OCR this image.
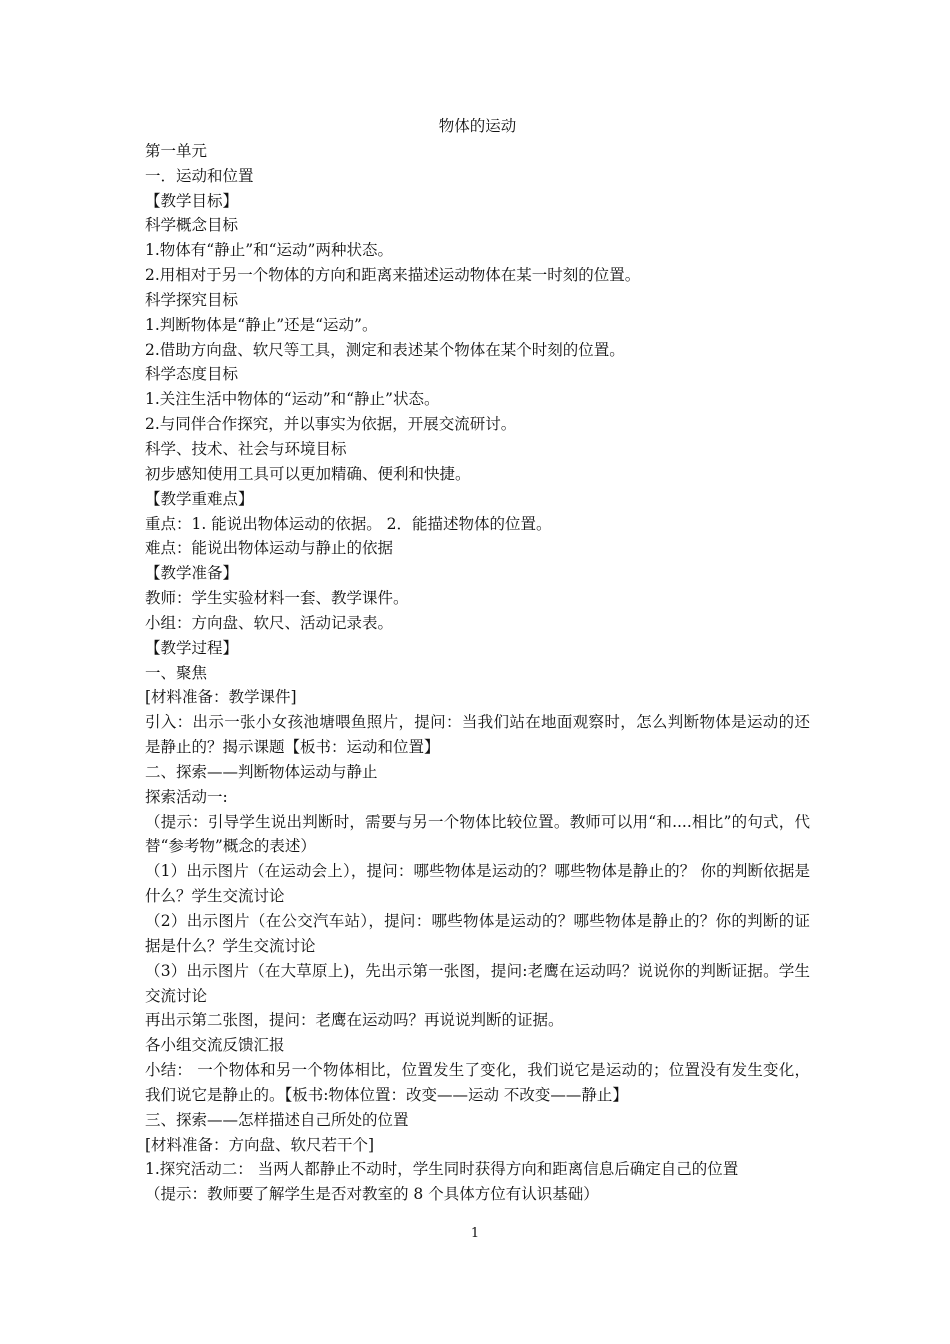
物体的运动
第一单元
一．运动和位置
【教学目标】
科学概念目标
1.物体有“静止”和“运动”两种状态。
2.用相对于另一个物体的方向和距离来描述运动物体在某一时刻的位置。
科学探究目标
1.判断物体是“静止”还是“运动”。
2.借助方向盘、软尺等工具，测定和表述某个物体在某个时刻的位置。
科学态度目标
1.关注生活中物体的“运动”和“静止”状态。
2.与同伴合作探究，并以事实为依据，开展交流研讨。
科学、技术、社会与环境目标
初步感知使用工具可以更加精确、便利和快捷。
【教学重难点】
重点：1. 能说出物体运动的依据。 2．能描述物体的位置。
难点：能说出物体运动与静止的依据
【教学准备】
教师：学生实验材料一套、教学课件。
小组：方向盘、软尺、活动记录表。
【教学过程】
一、聚焦
[材料准备：教学课件]
引入：出示一张小女孩池塘喂鱼照片，提问：当我们站在地面观察时，怎么判断物体是运动的还是静止的？揭示课题【板书：运动和位置】
二、探索——判断物体运动与静止
探索活动一:
（提示：引导学生说出判断时，需要与另一个物体比较位置。教师可以用“和....相比”的句式，代替“参考物”概念的表述）
（1）出示图片（在运动会上），提问：哪些物体是运动的？哪些物体是静止的？ 你的判断依据是什么？学生交流讨论
（2）出示图片（在公交汽车站），提问：哪些物体是运动的？哪些物体是静止的？你的判断的证据是什么？学生交流讨论
（3）出示图片（在大草原上)，先出示第一张图，提问:老鹰在运动吗？说说你的判断证据。学生交流讨论
再出示第二张图，提问：老鹰在运动吗？再说说判断的证据。
各小组交流反馈汇报
小结： 一个物体和另一个物体相比，位置发生了变化，我们说它是运动的；位置没有发生变化，我们说它是静止的。【板书:物体位置：改变——运动 不改变——静止】
三、探索——怎样描述自己所处的位置
[材料准备：方向盘、软尺若干个]
1.探究活动二： 当两人都静止不动时，学生同时获得方向和距离信息后确定自己的位置
（提示：教师要了解学生是否对教室的 8 个具体方位有认识基础）
1
